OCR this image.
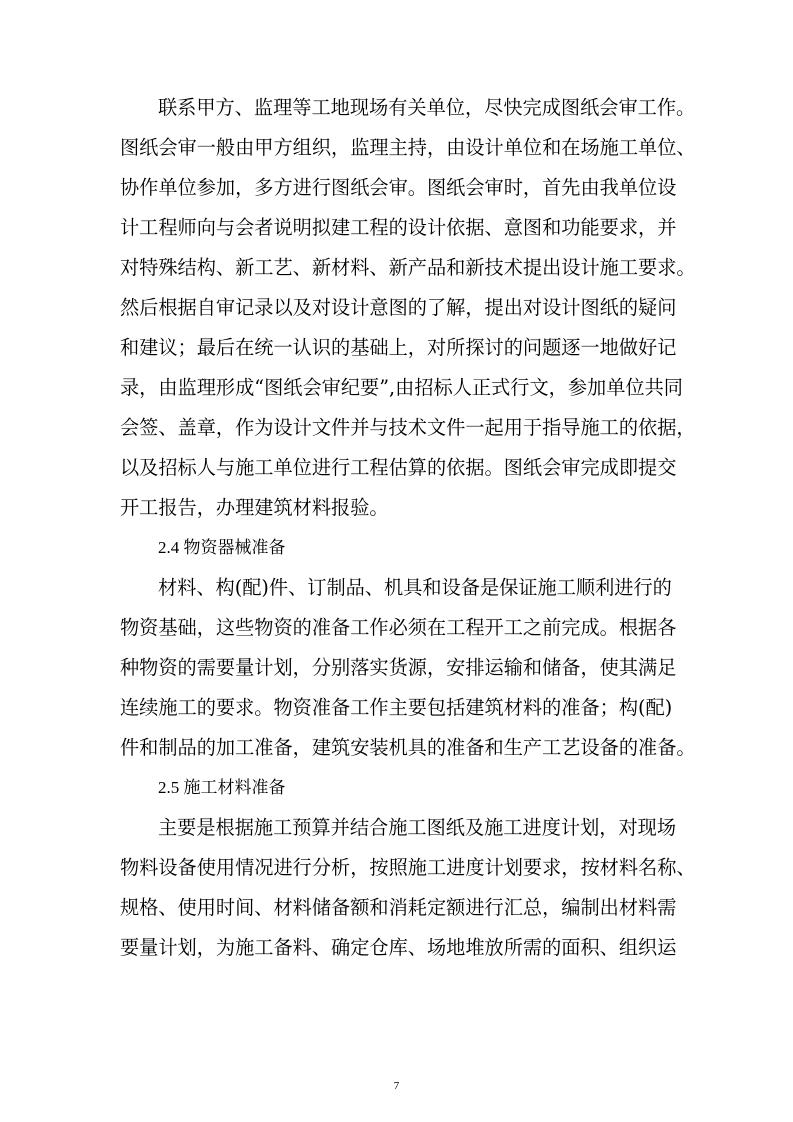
联系甲方、监理等工地现场有关单位，尽快完成图纸会审工作。
图纸会审一般由甲方组织，监理主持，由设计单位和在场施工单位、
协作单位参加，多方进行图纸会审。图纸会审时，首先由我单位设
计工程师向与会者说明拟建工程的设计依据、意图和功能要求，并
对特殊结构、新工艺、新材料、新产品和新技术提出设计施工要求。
然后根据自审记录以及对设计意图的了解，提出对设计图纸的疑问
和建议；最后在统一认识的基础上，对所探讨的问题逐一地做好记
录，由监理形成“图纸会审纪要”,由招标人正式行文，参加单位共同
会签、盖章，作为设计文件并与技术文件一起用于指导施工的依据，
以及招标人与施工单位进行工程估算的依据。图纸会审完成即提交
开工报告，办理建筑材料报验。
2.4 物资器械准备
材料、构(配)件、订制品、机具和设备是保证施工顺利进行的
物资基础，这些物资的准备工作必须在工程开工之前完成。根据各
种物资的需要量计划，分别落实货源，安排运输和储备，使其满足
连续施工的要求。物资准备工作主要包括建筑材料的准备；构(配)
件和制品的加工准备，建筑安装机具的准备和生产工艺设备的准备。
2.5 施工材料准备
主要是根据施工预算并结合施工图纸及施工进度计划，对现场
物料设备使用情况进行分析，按照施工进度计划要求，按材料名称、
规格、使用时间、材料储备额和消耗定额进行汇总，编制出材料需
要量计划，为施工备料、确定仓库、场地堆放所需的面积、组织运
7
